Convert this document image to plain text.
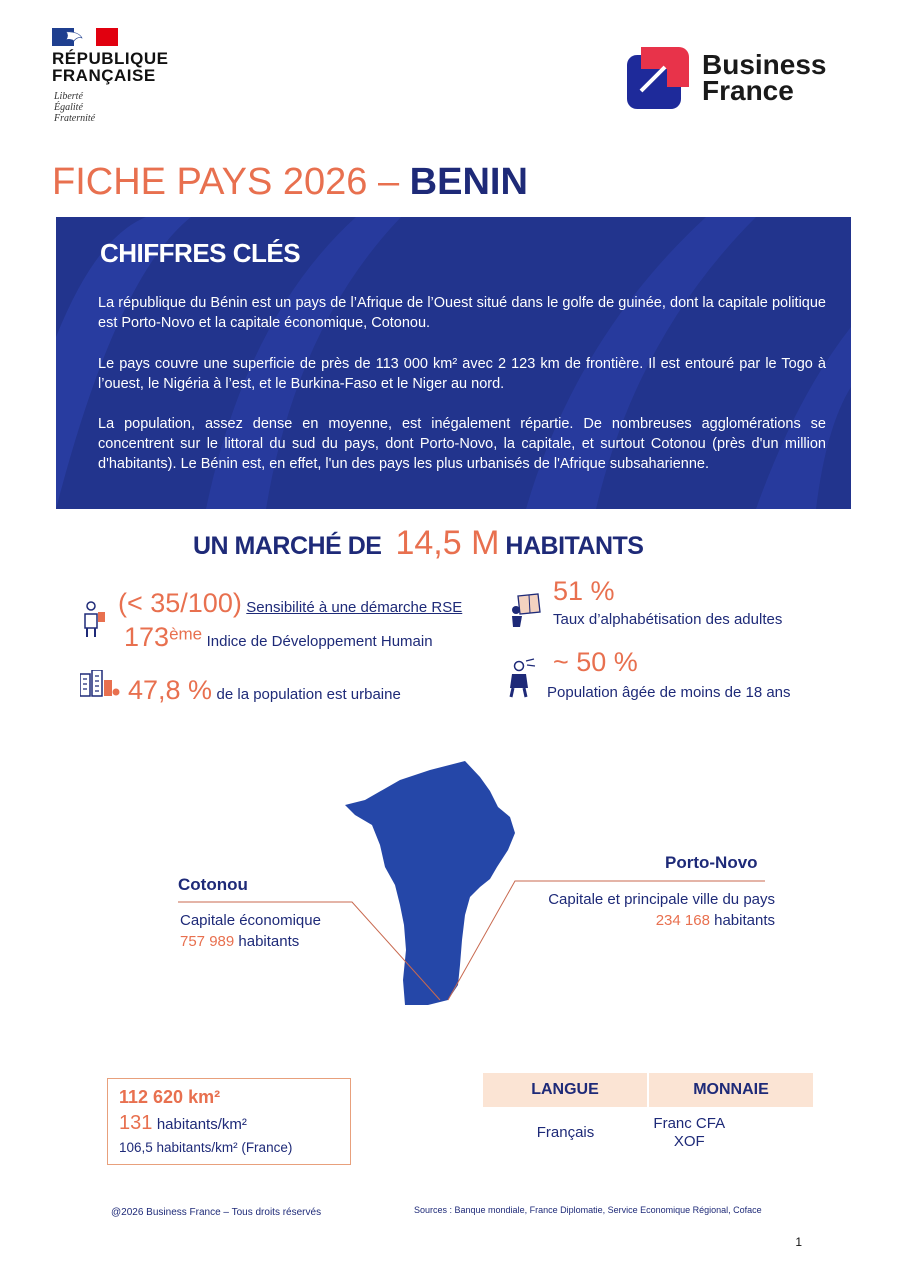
RÉPUBLIQUE
FRANÇAISE
Liberté
Égalité
Fraternité
Business
France
FICHE PAYS 2026 – BENIN
CHIFFRES CLÉS

La république du Bénin est un pays de l’Afrique de l’Ouest situé dans le golfe de guinée, dont la capitale politique est Porto-Novo et la capitale économique, Cotonou.

Le pays couvre une superficie de près de 113 000 km² avec 2 123 km de frontière. Il est entouré par le Togo à l’ouest, le Nigéria à l’est, et le Burkina-Faso et le Niger au nord.

La population, assez dense en moyenne, est inégalement répartie. De nombreuses agglomérations se concentrent sur le littoral du sud du pays, dont Porto-Novo, la capitale, et surtout Cotonou (près d'un million d'habitants). Le Bénin est, en effet, l'un des pays les plus urbanisés de l'Afrique subsaharienne.

UN MARCHÉ DE 14,5 M HABITANTS
(< 35/100) Sensibilité à une démarche RSE
173ème Indice de Développement Humain
47,8 % de la population est urbaine
51 %
Taux d’alphabétisation des adultes
~ 50 %
Population âgée de moins de 18 ans
Cotonou
Capitale économique
757 989 habitants
Porto-Novo
Capitale et principale ville du pays
234 168 habitants
112 620 km²
131 habitants/km²
106,5 habitants/km² (France)
LANGUE	MONNAIE
Français
Franc CFA
XOF
@2026 Business France – Tous droits réservés	Sources : Banque mondiale, France Diplomatie, Service Economique Régional, Coface
1
